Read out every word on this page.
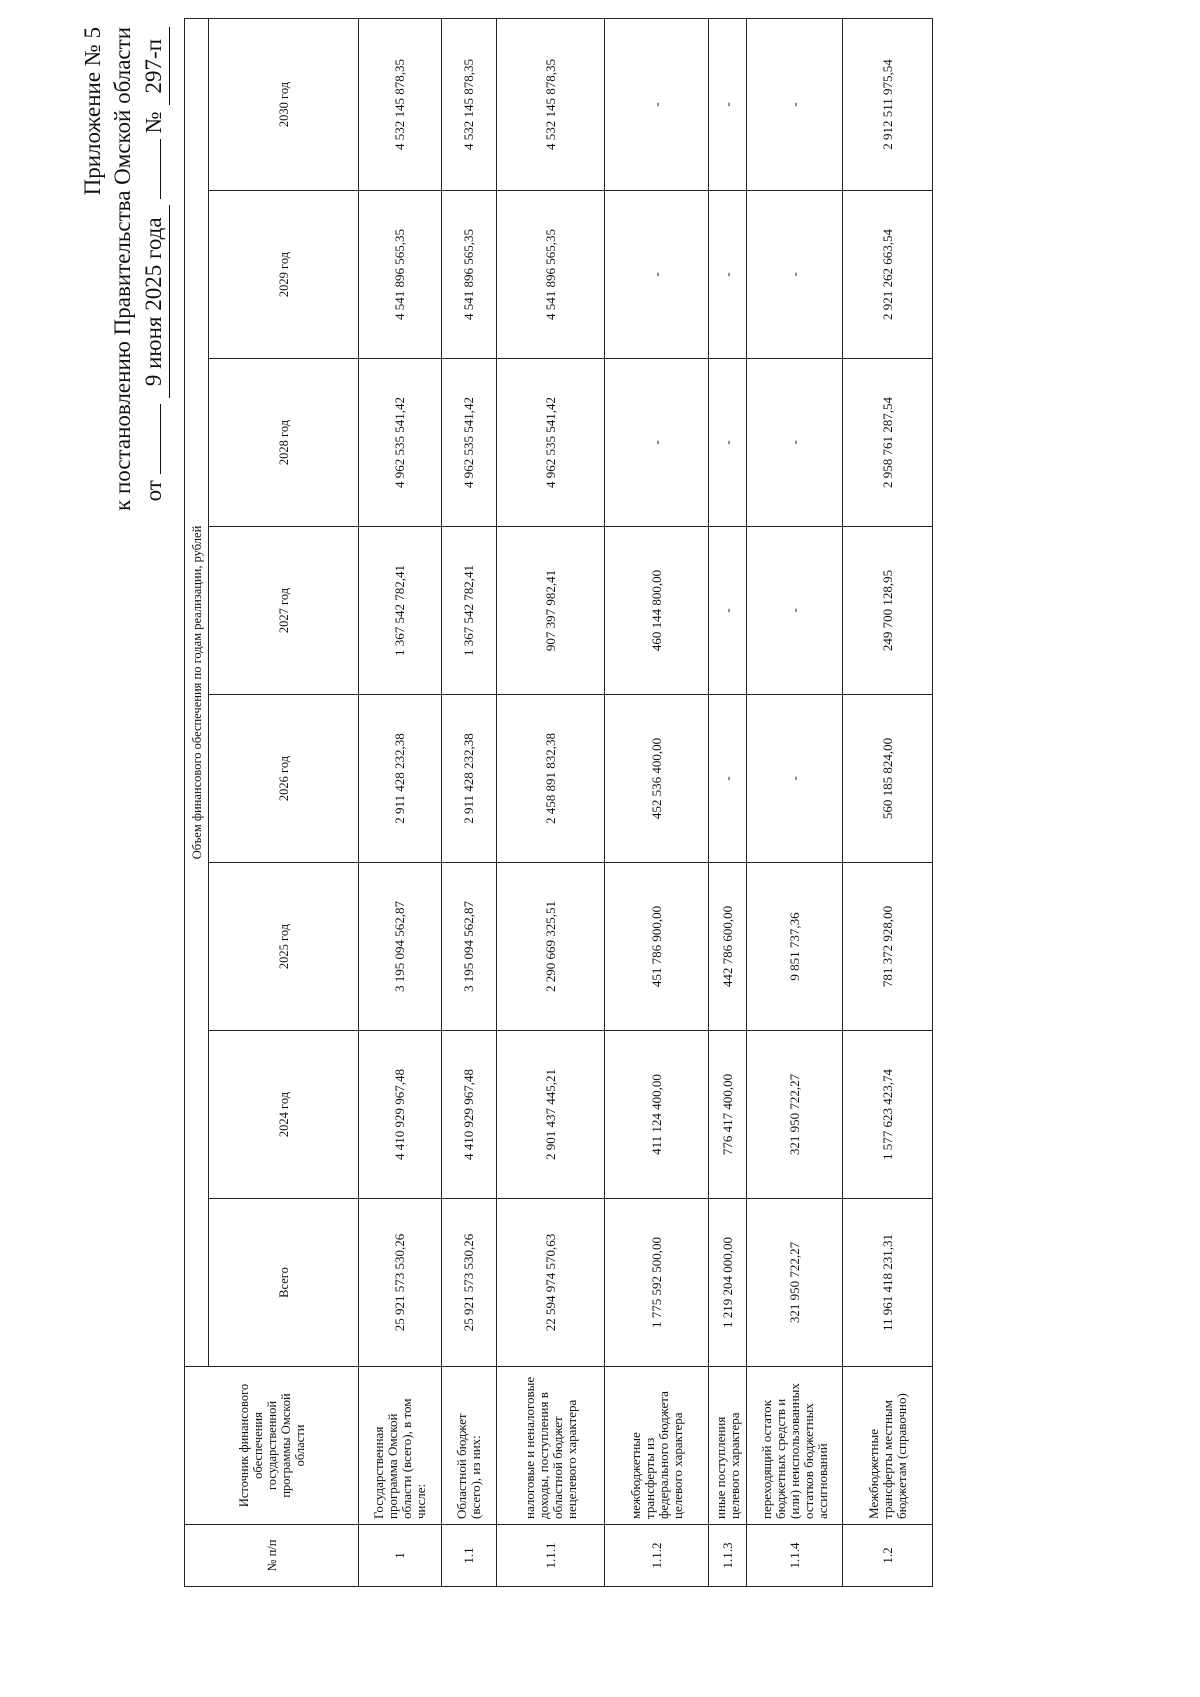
Приложение № 5 к постановлению Правительства Омской области от
9 июня 2025 года
№
297-п
№ п/п	Источник финансового обеспечения государственной программы Омской области	Объем финансового обеспечения по годам реализации, рублей							
		Всего	2024 год	2025 год	2026 год	2027 год	2028 год	2029 год	2030 год
1	Государственная программа Омской области (всего), в том числе:	25 921 573 530,26	4 410 929 967,48	3 195 094 562,87	2 911 428 232,38	1 367 542 782,41	4 962 535 541,42	4 541 896 565,35	4 532 145 878,35
1.1	Областной бюджет (всего), из них:	25 921 573 530,26	4 410 929 967,48	3 195 094 562,87	2 911 428 232,38	1 367 542 782,41	4 962 535 541,42	4 541 896 565,35	4 532 145 878,35
1.1.1	налоговые и неналоговые доходы, поступления в областной бюджет нецелевого характера	22 594 974 570,63	2 901 437 445,21	2 290 669 325,51	2 458 891 832,38	907 397 982,41	4 962 535 541,42	4 541 896 565,35	4 532 145 878,35
1.1.2	межбюджетные трансферты из федерального бюджета целевого характера	1 775 592 500,00	411 124 400,00	451 786 900,00	452 536 400,00	460 144 800,00	-	-	-
1.1.3	иные поступления целевого характера	1 219 204 000,00	776 417 400,00	442 786 600,00	-	-	-	-	-
1.1.4	переходящий остаток бюджетных средств и (или) неиспользованных остатков бюджетных ассигнований	321 950 722,27	321 950 722,27	9 851 737,36	-	-	-	-	-
1.2	Межбюджетные трансферты местным бюджетам (справочно)	11 961 418 231,31	1 577 623 423,74	781 372 928,00	560 185 824,00	249 700 128,95	2 958 761 287,54	2 921 262 663,54	2 912 511 975,54
